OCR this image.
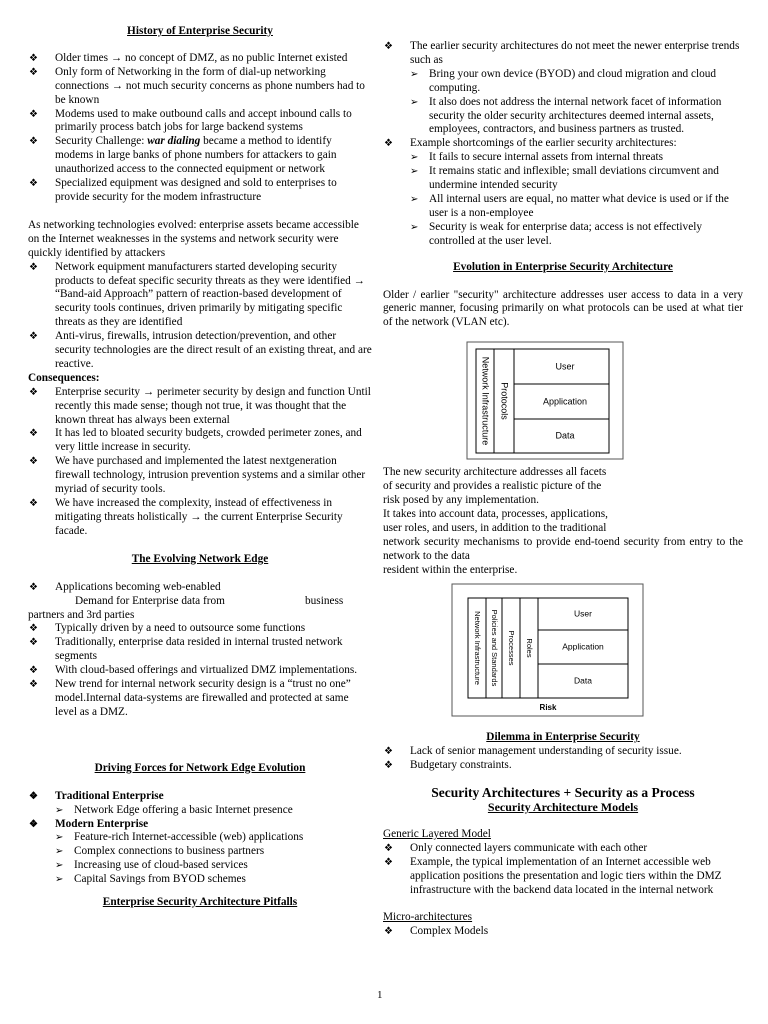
History of Enterprise Security

❖ Older times → no concept of DMZ, as no public Internet existed
❖ Only form of Networking in the form of dial-up networking connections → not much security concerns as phone numbers had to be known
❖ Modems used to make outbound calls and accept inbound calls to primarily process batch jobs for large backend systems
❖ Security Challenge: war dialing became a method to identify modems in large banks of phone numbers for attackers to gain unauthorized access to the connected equipment or network
❖ Specialized equipment was designed and sold to enterprises to provide security for the modem infrastructure

As networking technologies evolved: enterprise assets became accessible on the Internet weaknesses in the systems and network security were quickly identified by attackers

❖ Network equipment manufacturers started developing security products to defeat specific security threats as they were identified → “Band-aid Approach” pattern of reaction-based development of security tools continues, driven primarily by mitigating specific threats as they are identified
❖ Anti-virus, firewalls, intrusion detection/prevention, and other security technologies are the direct result of an existing threat, and are reactive.

Consequences:

❖ Enterprise security → perimeter security by design and function Until recently this made sense; though not true, it was thought that the known threat has always been external
❖ It has led to bloated security budgets, crowded perimeter zones, and very little increase in security.
❖ We have purchased and implemented the latest nextgeneration firewall technology, intrusion prevention systems and a similar other myriad of security tools.
❖ We have increased the complexity, instead of effectiveness in mitigating threats holistically → the current Enterprise Security facade.

The Evolving Network Edge

❖ Applications becoming web-enabled
Demand for Enterprise data from	business

partners and 3rd parties

❖ Typically driven by a need to outsource some functions
❖ Traditionally, enterprise data resided in internal trusted network segments
❖ With cloud-based offerings and virtualized DMZ implementations.
❖ New trend for internal network security design is a “trust no one” model.Internal data-systems are firewalled and protected at same level as a DMZ.

Driving Forces for Network Edge Evolution

❖ Traditional Enterprise
➢ Network Edge offering a basic Internet presence
❖ Modern Enterprise
➢ Feature-rich Internet-accessible (web) applications
➢ Complex connections to business partners
➢ Increasing use of cloud-based services
➢ Capital Savings from BYOD schemes

Enterprise Security Architecture Pitfalls

❖ The earlier security architectures do not meet the newer enterprise trends such as
➢ Bring your own device (BYOD) and cloud migration and cloud computing.
➢ It also does not address the internal network facet of information security the older security architectures deemed internal assets, employees, contractors, and business partners as trusted.
❖ Example shortcomings of the earlier security architectures:
➢ It fails to secure internal assets from internal threats
➢ It remains static and inflexible; small deviations circumvent and undermine intended security
➢ All internal users are equal, no matter what device is used or if the user is a non-employee
➢ Security is weak for enterprise data; access is not effectively controlled at the user level.

Evolution in Enterprise Security Architecture

Older / earlier "security" architecture addresses user access to data in a very generic manner, focusing primarily on what protocols can be used at what tier of the network (VLAN etc).

Network Infrastructure Protocols
User
Application
Data

The new security architecture addresses all facets

of security and provides a realistic picture of the

risk posed by any implementation.

It takes into account data, processes, applications,

user roles, and users, in addition to the traditional

network security mechanisms to provide end-toend security from entry to the network to the data

resident within the enterprise.

Network Infrastructure Policies and Standards Processes Roles
User
Application
Data
Risk

Dilemma in Enterprise Security

❖ Lack of senior management understanding of security issue.
❖ Budgetary constraints.

Security Architectures + Security as a Process

Security Architecture Models

Generic Layered Model

❖ Only connected layers communicate with each other
❖ Example, the typical implementation of an Internet accessible web application positions the presentation and logic tiers within the DMZ infrastructure with the backend data located in the internal network

Micro-architectures

❖ Complex Models
1
